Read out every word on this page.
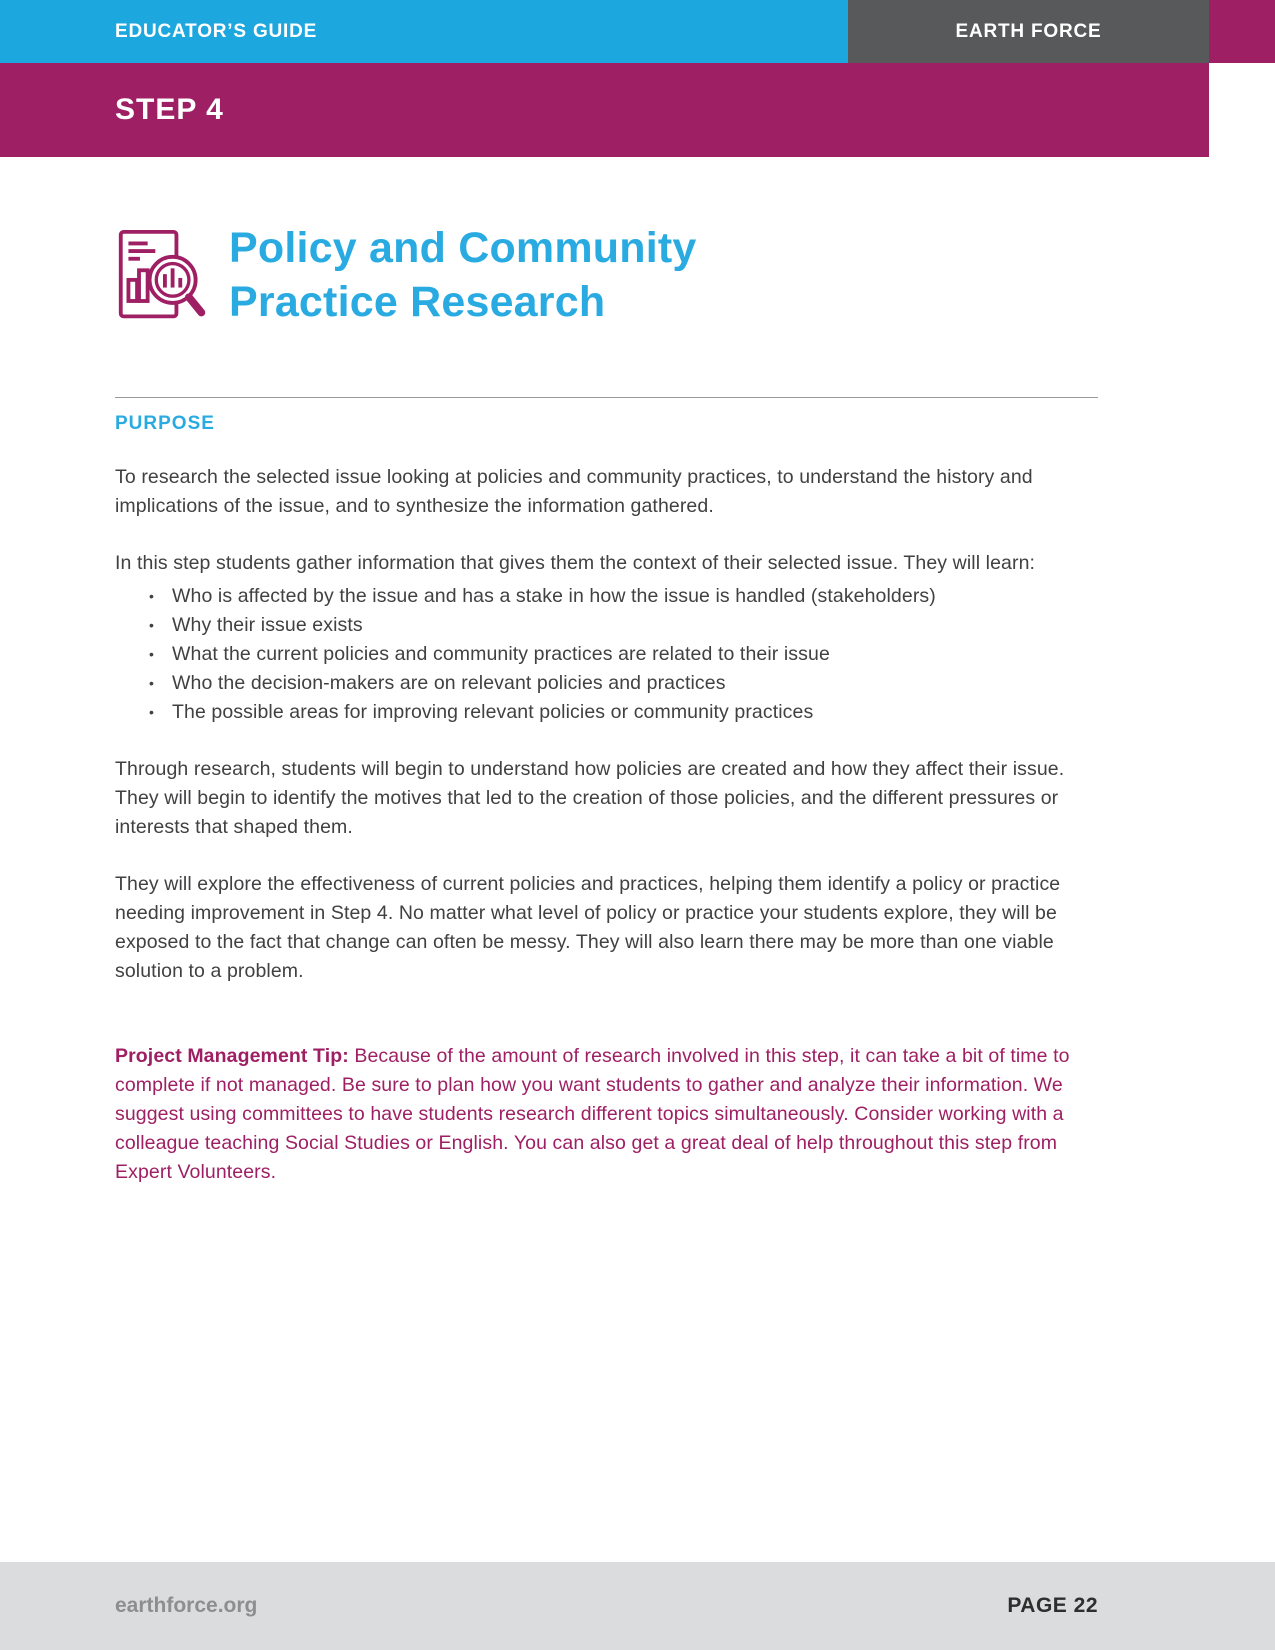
EDUCATOR’S GUIDE	EARTH FORCE
STEP 4
Policy and Community
Practice Research
PURPOSE

To research the selected issue looking at policies and community practices, to understand the history and implications of the issue, and to synthesize the information gathered.

In this step students gather information that gives them the context of their selected issue. They will learn:

• Who is affected by the issue and has a stake in how the issue is handled (stakeholders)
• Why their issue exists
• What the current policies and community practices are related to their issue
• Who the decision-makers are on relevant policies and practices
• The possible areas for improving relevant policies or community practices

Through research, students will begin to understand how policies are created and how they affect their issue. They will begin to identify the motives that led to the creation of those policies, and the different pressures or interests that shaped them.

They will explore the effectiveness of current policies and practices, helping them identify a policy or practice needing improvement in Step 4. No matter what level of policy or practice your students explore, they will be exposed to the fact that change can often be messy. They will also learn there may be more than one viable solution to a problem.

Project Management Tip: Because of the amount of research involved in this step, it can take a bit of time to complete if not managed. Be sure to plan how you want students to gather and analyze their information. We suggest using committees to have students research different topics simultaneously. Consider working with a colleague teaching Social Studies or English. You can also get a great deal of help throughout this step from Expert Volunteers.

earthforce.org	PAGE 22
